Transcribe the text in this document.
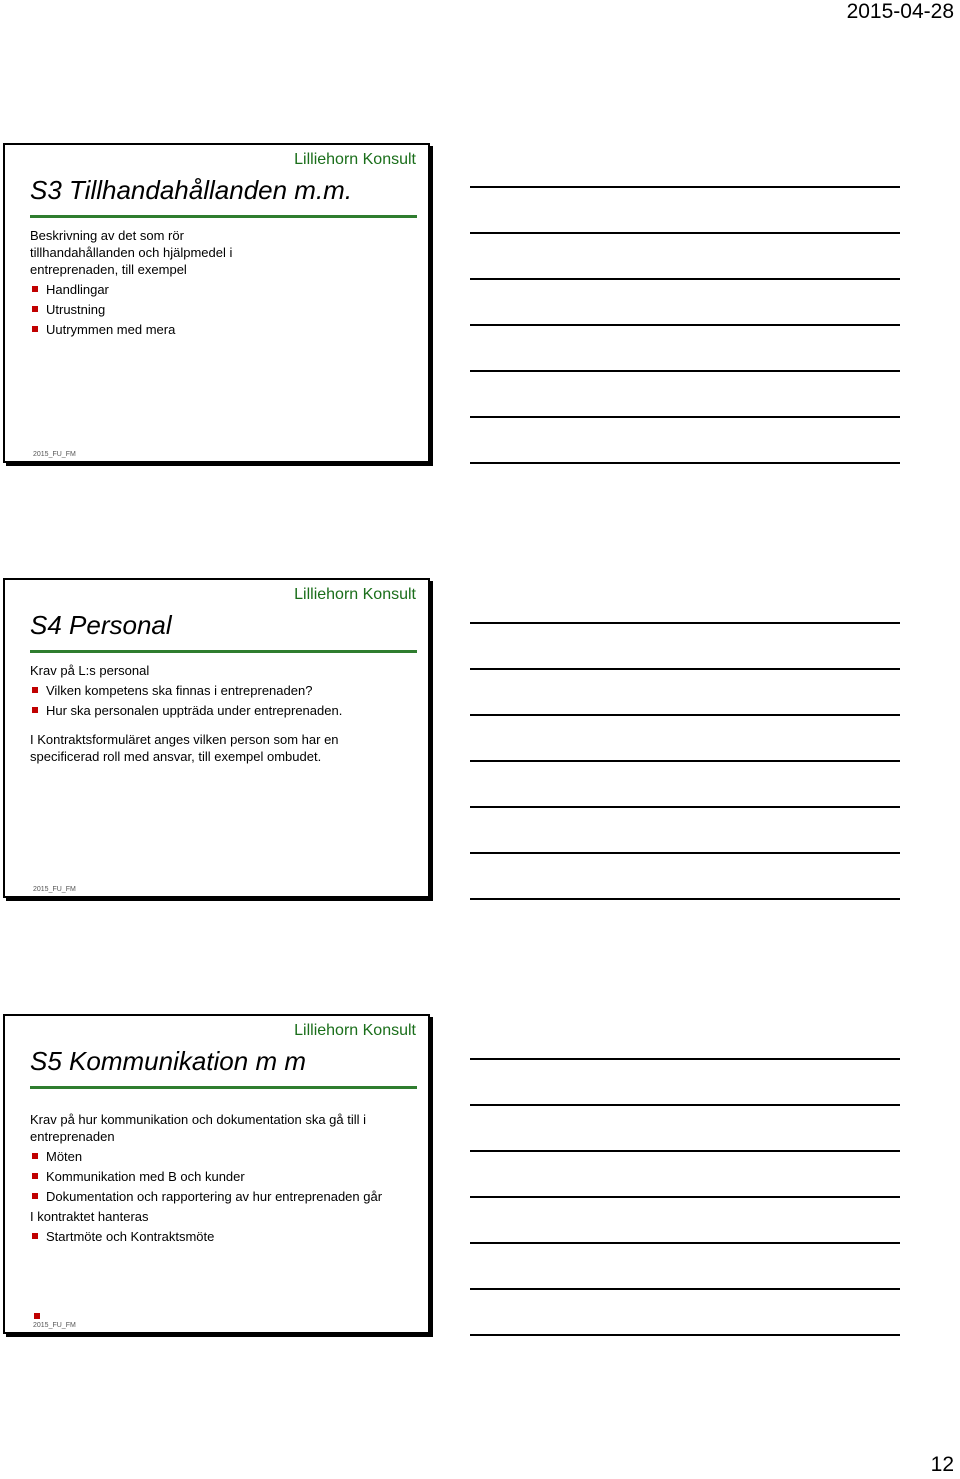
2015-04-28
Lilliehorn Konsult
S3 Tillhandahållanden m.m.

Beskrivning av det som rör tillhandahållanden och hjälpmedel i entreprenaden, till exempel

Handlingar
Utrustning
Uutrymmen med mera
2015_FU_FM
Lilliehorn Konsult
S4 Personal

Krav på L:s personal

Vilken kompetens ska finnas i entreprenaden?
Hur ska personalen uppträda under entreprenaden.

I Kontraktsformuläret anges vilken person som har en specificerad roll med ansvar, till exempel ombudet.

2015_FU_FM
Lilliehorn Konsult
S5 Kommunikation m m

Krav på hur kommunikation och dokumentation ska gå till i entreprenaden

Möten
Kommunikation med B och kunder
Dokumentation och rapportering av hur entreprenaden går

I kontraktet hanteras

Startmöte och Kontraktsmöte
2015_FU_FM
12
